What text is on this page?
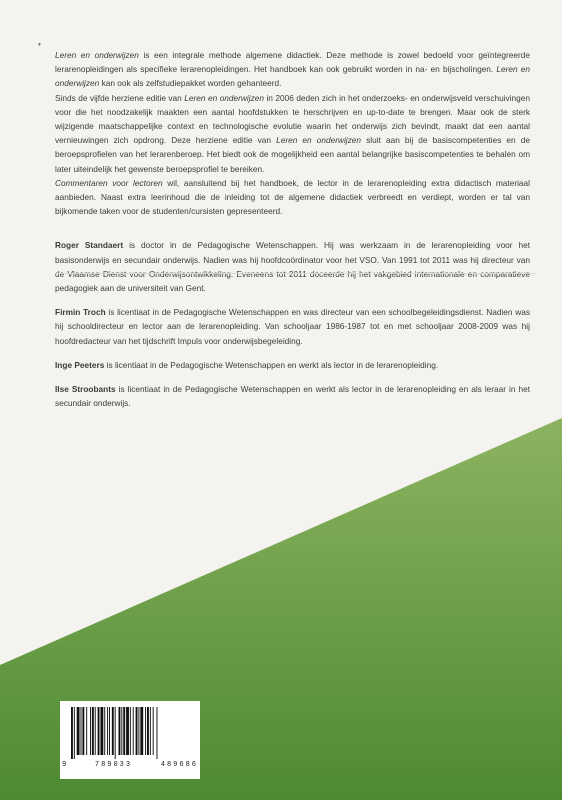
♦

Leren en onderwijzen is een integrale methode algemene didactiek. Deze methode is zowel bedoeld voor geïntegreerde lerarenopleidingen als specifieke lerarenopleidingen. Het handboek kan ook gebruikt worden in na- en bijscholingen. Leren en onderwijzen kan ook als zelfstudiepakket worden gehanteerd.

Sinds de vijfde herziene editie van Leren en onderwijzen in 2006 deden zich in het onderzoeks- en onderwijsveld verschuivingen voor die het noodzakelijk maakten een aantal hoofdstukken te herschrijven en up-to-date te brengen. Maar ook de sterk wijzigende maatschappelijke context en technologische evolutie waarin het onderwijs zich bevindt, maakt dat een aantal vernieuwingen zich opdrong. Deze herziene editie van Leren en onderwijzen sluit aan bij de basiscompetenties en de beroepsprofielen van het lerarenberoep. Het biedt ook de mogelijkheid een aantal belangrijke basiscompetenties te behalen om later uiteindelijk het gewenste beroepsprofiel te bereiken.

Commentaren voor lectoren wil, aansluitend bij het handboek, de lector in de lerarenopleiding extra didactisch materiaal aanbieden. Naast extra leerinhoud die de inleiding tot de algemene didactiek verbreedt en verdiept, worden er tal van bijkomende taken voor de studenten/cursisten gepresenteerd.

Roger Standaert is doctor in de Pedagogische Wetenschappen. Hij was werkzaam in de lerarenopleiding voor het basisonderwijs en secundair onderwijs. Nadien was hij hoofdcoördinator voor het VSO. Van 1991 tot 2011 was hij directeur van pedagogiek aan de universiteit van Gent.

Firmin Troch is licentiaat in de Pedagogische Wetenschappen en was directeur van een schoolbegeleidingsdienst. Nadien was hij schooldirecteur en lector aan de lerarenopleiding. Van schooljaar 1986-1987 tot en met schooljaar 2008-2009 was hij hoofdredacteur van het tijdschrift Impuls voor onderwijsbegeleiding.

Inge Peeters is licentiaat in de Pedagogische Wetenschappen en werkt als lector in de lerarenopleiding.

Ilse Stroobants is licentiaat in de Pedagogische Wetenschappen en werkt als lector in de lerarenopleiding en als leraar in het secundair onderwijs.

9	789033	489686
